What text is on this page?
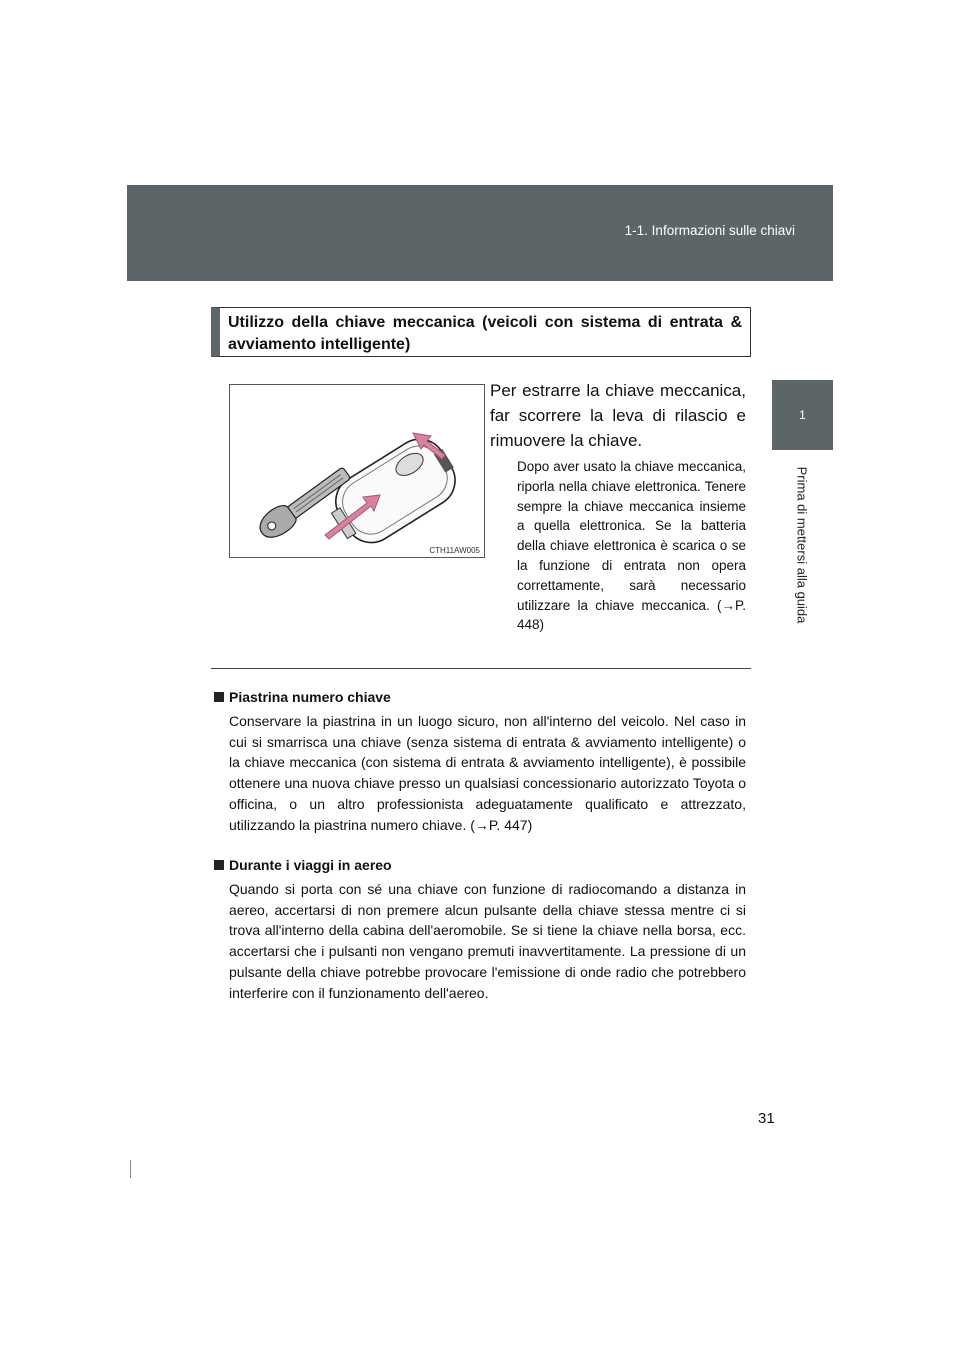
1-1. Informazioni sulle chiavi
1
Prima di mettersi alla guida
Utilizzo della chiave meccanica (veicoli con sistema di entrata & avviamento intelligente)
CTH11AW005

Per estrarre la chiave meccanica, far scorrere la leva di rilascio e rimuovere la chiave.

Dopo aver usato la chiave meccanica, riporla nella chiave elettronica. Tenere sempre la chiave meccanica insieme a quella elettronica. Se la batteria della chiave elettronica è scarica o se la funzione di entrata non opera correttamente, sarà necessario utilizzare la chiave meccanica. (→P. 448)

Piastrina numero chiave

Conservare la piastrina in un luogo sicuro, non all'interno del veicolo. Nel caso in cui si smarrisca una chiave (senza sistema di entrata & avviamento intelligente) o la chiave meccanica (con sistema di entrata & avviamento intelligente), è possibile ottenere una nuova chiave presso un qualsiasi concessionario autorizzato Toyota o officina, o un altro professionista adeguatamente qualificato e attrezzato, utilizzando la piastrina numero chiave. (→P. 447)

Durante i viaggi in aereo

Quando si porta con sé una chiave con funzione di radiocomando a distanza in aereo, accertarsi di non premere alcun pulsante della chiave stessa mentre ci si trova all'interno della cabina dell'aeromobile. Se si tiene la chiave nella borsa, ecc. accertarsi che i pulsanti non vengano premuti inavvertitamente. La pressione di un pulsante della chiave potrebbe provocare l'emissione di onde radio che potrebbero interferire con il funzionamento dell'aereo.

31
